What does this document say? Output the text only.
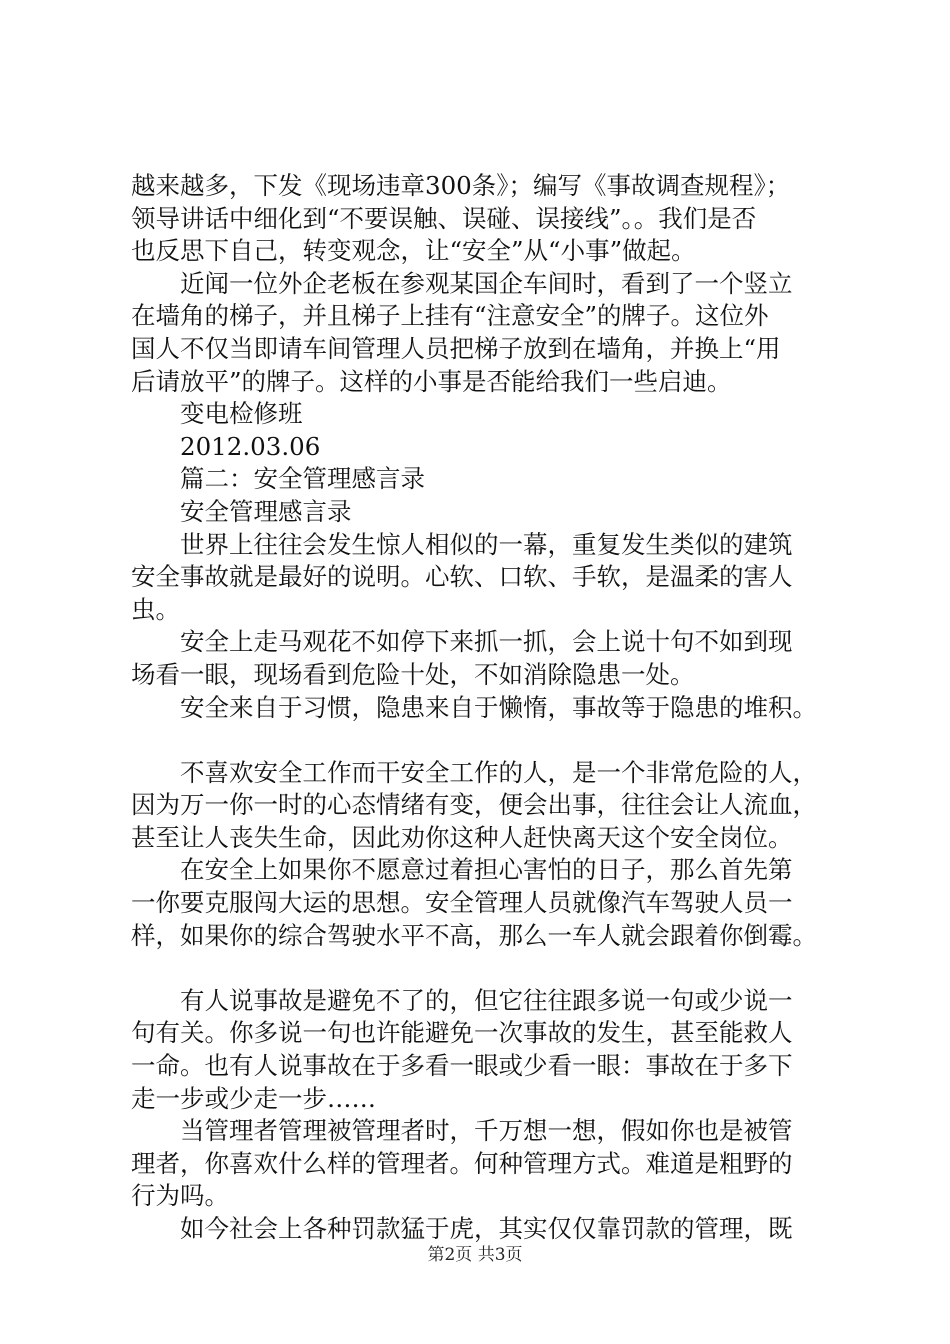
越来越多，下发《现场违章300条》；编写《事故调查规程》；
领导讲话中细化到“不要误触、误碰、误接线”。。我们是否
也反思下自己，转变观念，让“安全”从“小事”做起。
近闻一位外企老板在参观某国企车间时，看到了一个竖立
在墙角的梯子，并且梯子上挂有“注意安全”的牌子。这位外
国人不仅当即请车间管理人员把梯子放到在墙角，并换上“用
后请放平”的牌子。这样的小事是否能给我们一些启迪。
变电检修班
2012.03.06
篇二：安全管理感言录
安全管理感言录
世界上往往会发生惊人相似的一幕，重复发生类似的建筑
安全事故就是最好的说明。心软、口软、手软，是温柔的害人
虫。
安全上走马观花不如停下来抓一抓，会上说十句不如到现
场看一眼，现场看到危险十处，不如消除隐患一处。
安全来自于习惯，隐患来自于懒惰，事故等于隐患的堆积。
不喜欢安全工作而干安全工作的人，是一个非常危险的人，
因为万一你一时的心态情绪有变，便会出事，往往会让人流血，
甚至让人丧失生命，因此劝你这种人赶快离天这个安全岗位。
在安全上如果你不愿意过着担心害怕的日子，那么首先第
一你要克服闯大运的思想。安全管理人员就像汽车驾驶人员一
样，如果你的综合驾驶水平不高，那么一车人就会跟着你倒霉。
有人说事故是避免不了的，但它往往跟多说一句或少说一
句有关。你多说一句也许能避免一次事故的发生，甚至能救人
一命。也有人说事故在于多看一眼或少看一眼：事故在于多下
走一步或少走一步……
当管理者管理被管理者时，千万想一想，假如你也是被管
理者，你喜欢什么样的管理者。何种管理方式。难道是粗野的
行为吗。
如今社会上各种罚款猛于虎，其实仅仅靠罚款的管理，既
第2页 共3页
